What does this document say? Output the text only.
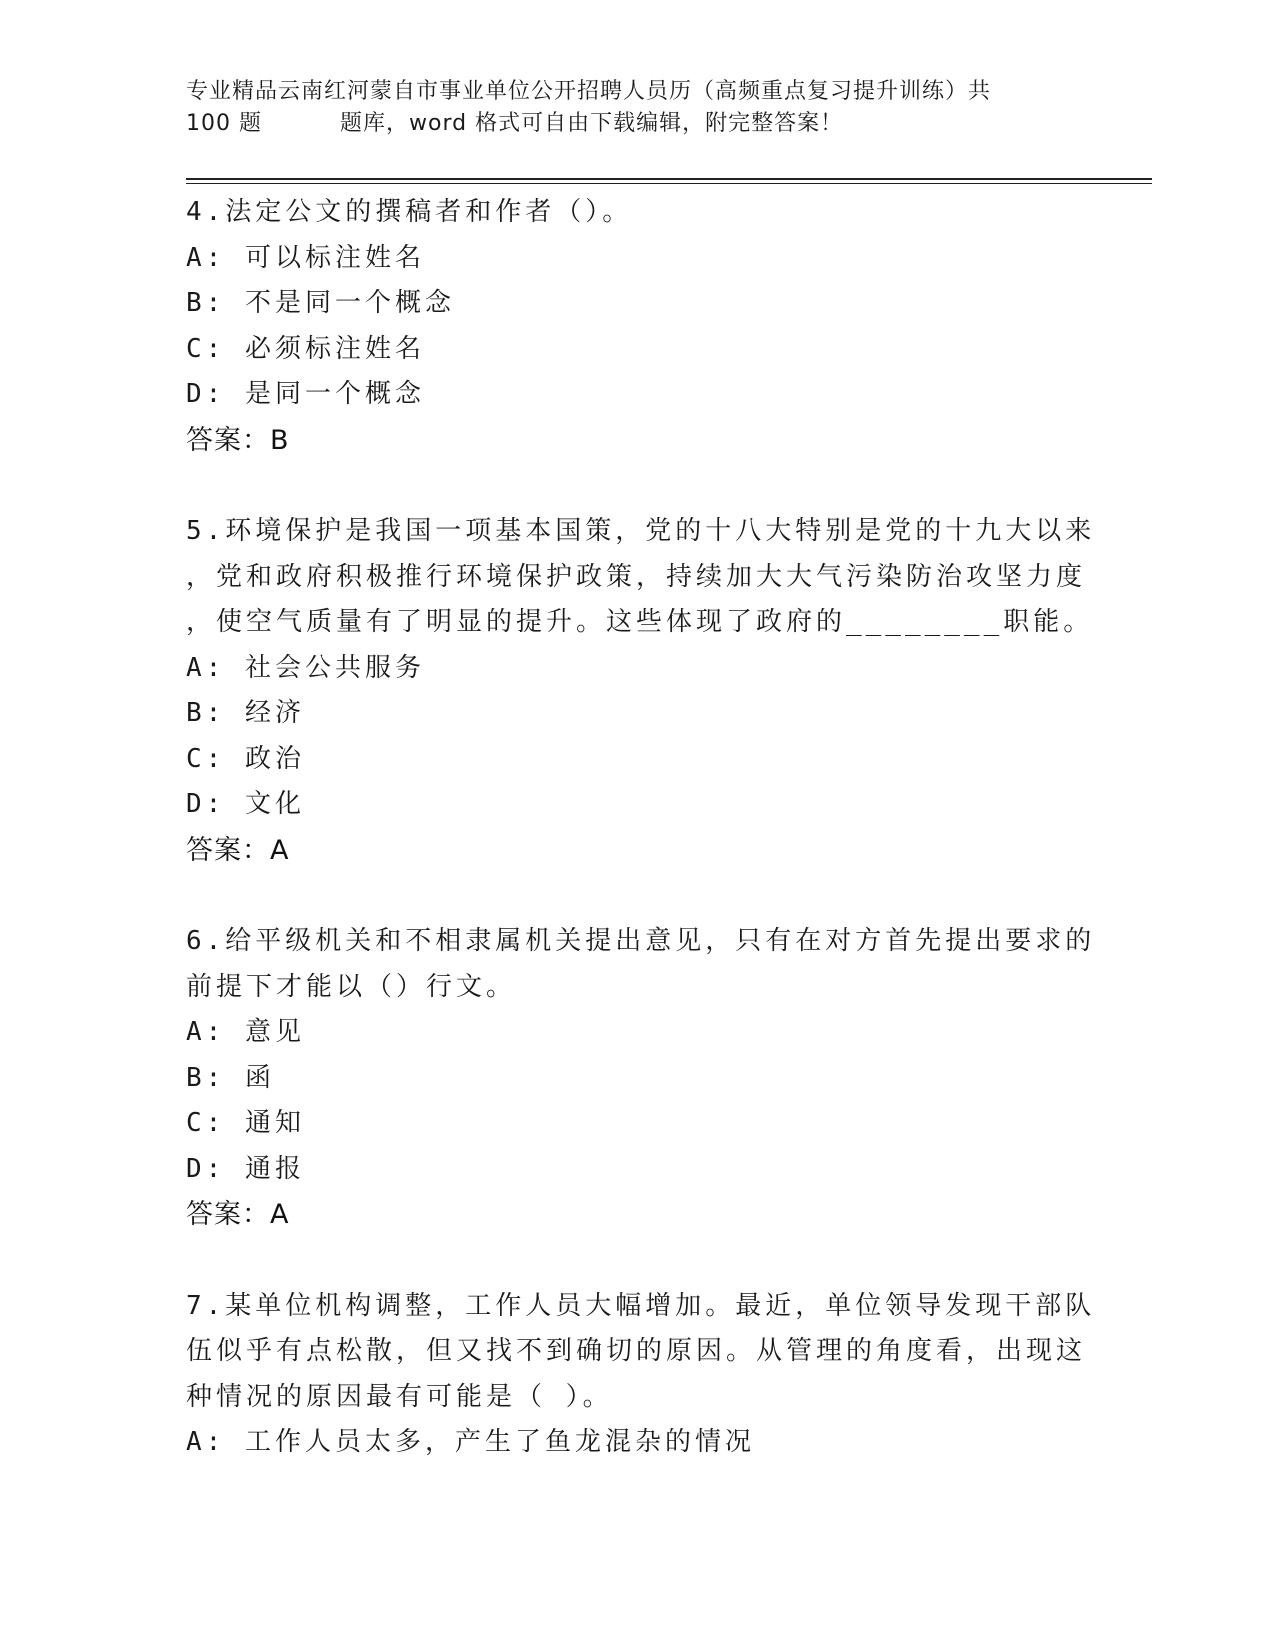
专业精品云南红河蒙自市事业单位公开招聘人员历（高频重点复习提升训练）共
100 题	题库，word 格式可自由下载编辑，附完整答案！
4.法定公文的撰稿者和作者（）。
A: 可以标注姓名
B: 不是同一个概念
C: 必须标注姓名
D: 是同一个概念
答案：B
5.环境保护是我国一项基本国策，党的十八大特别是党的十九大以来
，党和政府积极推行环境保护政策，持续加大大气污染防治攻坚力度
，使空气质量有了明显的提升。这些体现了政府的________职能。
A: 社会公共服务
B: 经济
C: 政治
D: 文化
答案：A
6.给平级机关和不相隶属机关提出意见，只有在对方首先提出要求的
前提下才能以（）行文。
A: 意见
B: 函
C: 通知
D: 通报
答案：A
7.某单位机构调整，工作人员大幅增加。最近，单位领导发现干部队
伍似乎有点松散，但又找不到确切的原因。从管理的角度看，出现这
种情况的原因最有可能是（ ）。
A: 工作人员太多，产生了鱼龙混杂的情况
